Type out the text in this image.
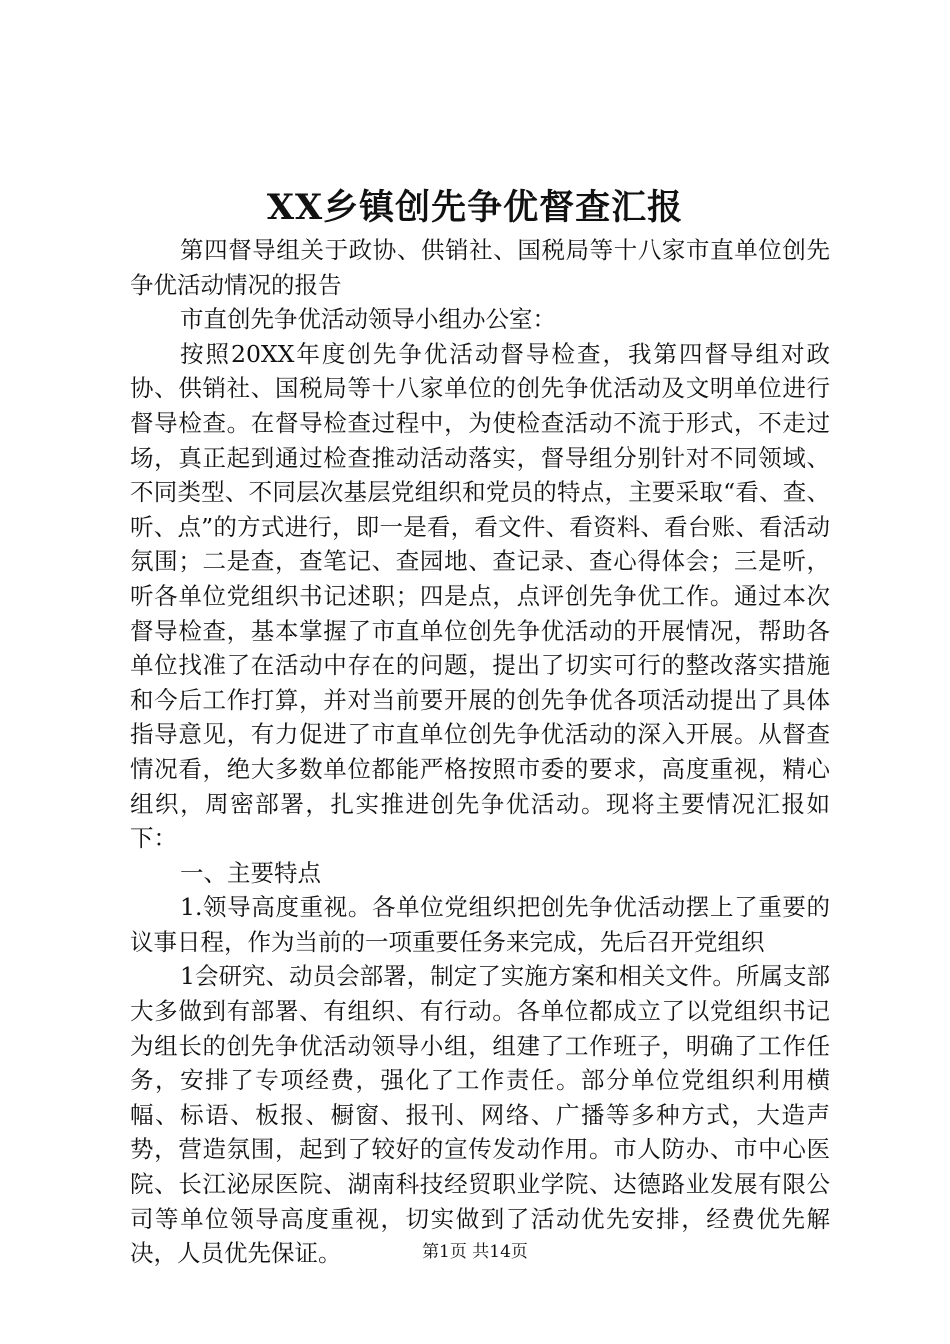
XX乡镇创先争优督查汇报

第四督导组关于政协、供销社、国税局等十八家市直单位创先争优活动情况的报告

市直创先争优活动领导小组办公室：

按照20XX年度创先争优活动督导检查，我第四督导组对政协、供销社、国税局等十八家单位的创先争优活动及文明单位进行督导检查。在督导检查过程中，为使检查活动不流于形式，不走过场，真正起到通过检查推动活动落实，督导组分别针对不同领域、不同类型、不同层次基层党组织和党员的特点，主要采取“看、查、听、点”的方式进行，即一是看，看文件、看资料、看台账、看活动氛围；二是查，查笔记、查园地、查记录、查心得体会；三是听，听各单位党组织书记述职；四是点，点评创先争优工作。通过本次督导检查，基本掌握了市直单位创先争优活动的开展情况，帮助各单位找准了在活动中存在的问题，提出了切实可行的整改落实措施和今后工作打算，并对当前要开展的创先争优各项活动提出了具体指导意见，有力促进了市直单位创先争优活动的深入开展。从督查情况看，绝大多数单位都能严格按照市委的要求，高度重视，精心组织，周密部署，扎实推进创先争优活动。现将主要情况汇报如下：

一、主要特点

1.领导高度重视。各单位党组织把创先争优活动摆上了重要的议事日程，作为当前的一项重要任务来完成，先后召开党组织

1会研究、动员会部署，制定了实施方案和相关文件。所属支部大多做到有部署、有组织、有行动。各单位都成立了以党组织书记为组长的创先争优活动领导小组，组建了工作班子，明确了工作任务，安排了专项经费，强化了工作责任。部分单位党组织利用横幅、标语、板报、橱窗、报刊、网络、广播等多种方式，大造声势，营造氛围，起到了较好的宣传发动作用。市人防办、市中心医院、长江泌尿医院、湖南科技经贸职业学院、达德路业发展有限公司等单位领导高度重视，切实做到了活动优先安排，经费优先解决，人员优先保证。	第1页 共14页
